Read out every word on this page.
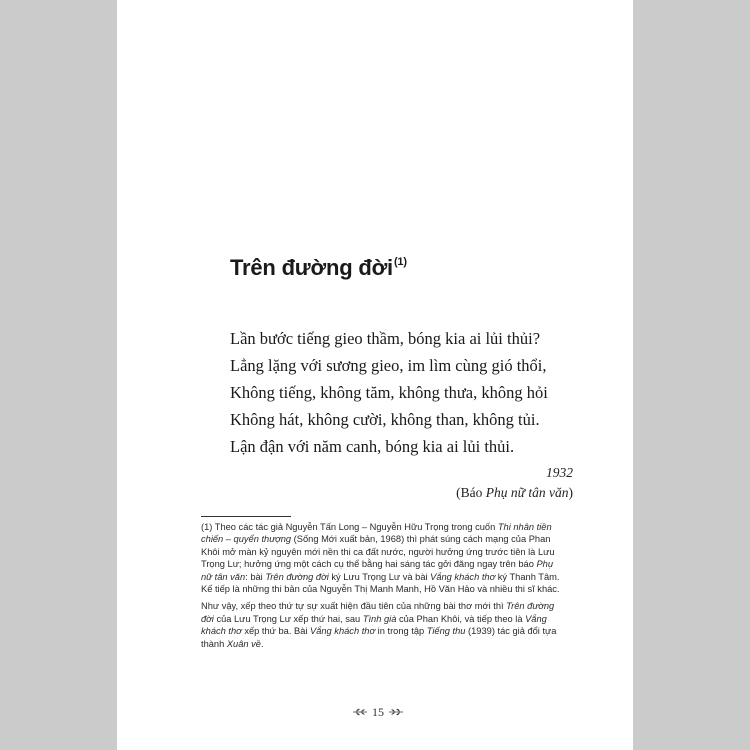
Trên đường đời$^{(1)}$
Lần bước tiếng gieo thầm, bóng kia ai lủi thủi?
Lẳng lặng với sương gieo, im lìm cùng gió thổi,
Không tiếng, không tăm, không thưa, không hỏi
Không hát, không cười, không than, không tủi.
Lận đận với năm canh, bóng kia ai lủi thủi.
1932
(Báo Phụ nữ tân văn)

(1) Theo các tác giả Nguyễn Tấn Long – Nguyễn Hữu Trọng trong cuốn Thi nhân tiền chiến – quyển thượng (Sống Mới xuất bản, 1968) thì phát súng cách mạng của Phan Khôi mở màn kỷ nguyên mới nền thi ca đất nước, người hưởng ứng trước tiên là Lưu Trọng Lư; hưởng ứng một cách cụ thể bằng hai sáng tác gởi đăng ngay trên báo Phụ nữ tân văn: bài Trên đường đời ký Lưu Trọng Lư và bài Vắng khách thơ ký Thanh Tâm. Kế tiếp là những thi bản của Nguyễn Thị Manh Manh, Hồ Văn Hảo và nhiều thi sĩ khác.

Như vậy, xếp theo thứ tự sự xuất hiện đầu tiên của những bài thơ mới thì Trên đường đời của Lưu Trọng Lư xếp thứ hai, sau Tình già của Phan Khôi, và tiếp theo là Vắng khách thơ xếp thứ ba. Bài Vắng khách thơ in trong tập Tiếng thu (1939) tác giả đổi tựa thành Xuân về.

15
